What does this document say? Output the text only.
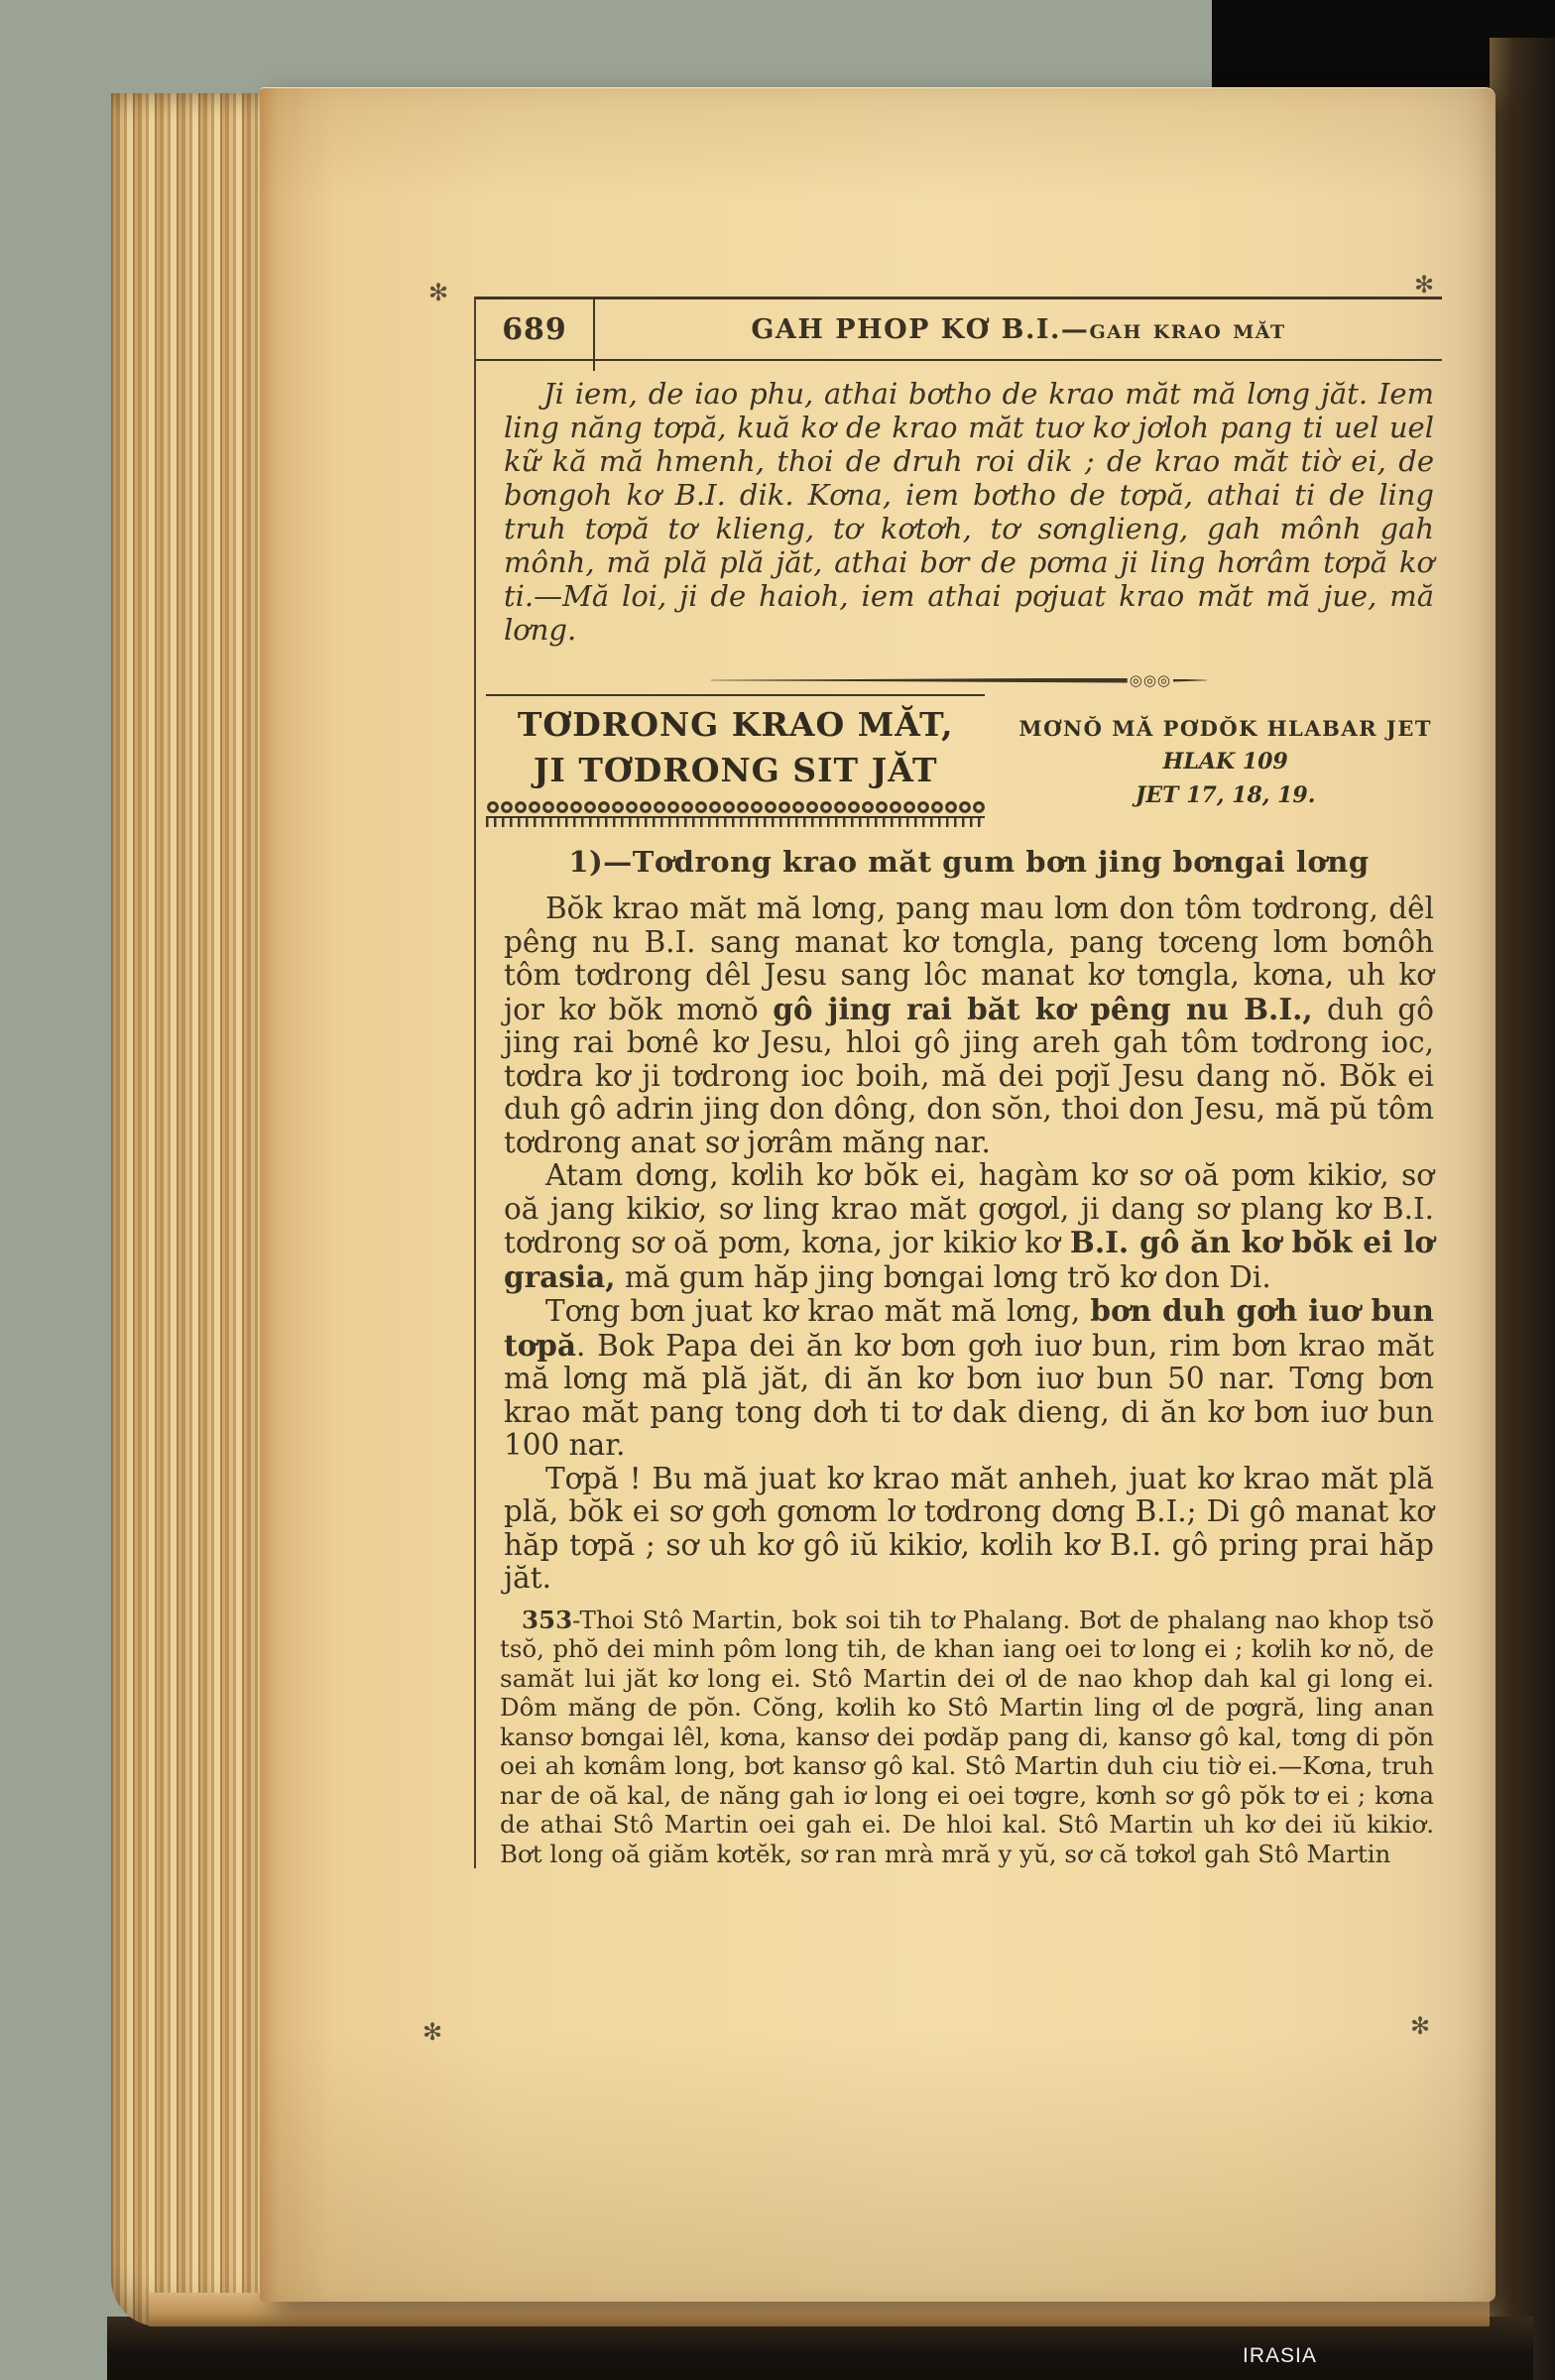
✻	✻
✻	✻
689	GAH PHOP KƠ B.I.—gah krao măt
Ji iem, de iao phu, athai bơtho de krao măt mă lơng jăt. Iem ling năng tơpă, kuă kơ de krao măt tuơ kơ jơloh pang ti uel uel kữ kă mă hmenh, thoi de druh roi dik ; de krao măt tiờ ei, de bơngoh kơ B.I. dik. Kơna, iem bơtho de tơpă, athai ti de ling truh tơpă tơ klieng, tơ kơtơh, tơ sơnglieng, gah mônh gah mônh, mă plă plă jăt, athai bơr de pơma ji ling hơrâm tơpă kơ ti.—Mă loi, ji de haioh, iem athai pơjuat krao măt mă jue, mă lơng.
◎◎◎
TƠDRONG KRAO MĂT,
JI TƠDRONG SIT JĂT
MƠNŎ MĂ PƠDŎK HLABAR JET
HLAK 109
JET 17, 18, 19.
1)—Tơdrong krao măt gum bơn jing bơngai lơng

Bŏk krao măt mă lơng, pang mau lơm don tôm tơdrong, dêl pêng nu B.I. sang manat kơ tơngla, pang tơceng lơm bơnôh tôm tơdrong dêl Jesu sang lôc manat kơ tơngla, kơna, uh kơ jor kơ bŏk mơnŏ gô jing rai băt kơ pêng nu B.I., duh gô jing rai bơnê kơ Jesu, hloi gô jing areh gah tôm tơdrong ioc, tơdra kơ ji tơdrong ioc boih, mă dei pơjĭ Jesu dang nŏ. Bŏk ei duh gô adrin jing don dông, don sŏn, thoi don Jesu, mă pŭ tôm tơdrong anat sơ jơrâm măng nar.

Atam dơng, kơlih kơ bŏk ei, hagàm kơ sơ oă pơm kikiơ, sơ oă jang kikiơ, sơ ling krao măt gơgơl, ji dang sơ plang kơ B.I. tơdrong sơ oă pơm, kơna, jor kikiơ kơ B.I. gô ăn kơ bŏk ei lơ grasia, mă gum hăp jing bơngai lơng trŏ kơ don Di.

Tơng bơn juat kơ krao măt mă lơng, bơn duh gơh iuơ bun tơpă. Bok Papa dei ăn kơ bơn gơh iuơ bun, rim bơn krao măt mă lơng mă plă jăt, di ăn kơ bơn iuơ bun 50 nar. Tơng bơn krao măt pang tong dơh ti tơ dak dieng, di ăn kơ bơn iuơ bun 100 nar.

Tơpă ! Bu mă juat kơ krao măt anheh, juat kơ krao măt plă plă, bŏk ei sơ gơh gơnơm lơ tơdrong dơng B.I.; Di gô manat kơ hăp tơpă ; sơ uh kơ gô iŭ kikiơ, kơlih kơ B.I. gô pring prai hăp jăt.

353-Thoi Stô Martin, bok soi tih tơ Phalang. Bơt de phalang nao khop tsŏ tsŏ, phŏ dei minh pôm long tih, de khan iang oei tơ long ei ; kơlih kơ nŏ, de samăt lui jăt kơ long ei. Stô Martin dei ơl de nao khop dah kal gi long ei. Dôm măng de pŏn. Cŏng, kơlih ko Stô Martin ling ơl de pơgră, ling anan kansơ bơngai lêl, kơna, kansơ dei pơdăp pang di, kansơ gô kal, tơng di pŏn oei ah kơnâm long, bơt kansơ gô kal. Stô Martin duh ciu tiờ ei.—Kơna, truh nar de oă kal, de năng gah iơ long ei oei tơgre, kơnh sơ gô pŏk tơ ei ; kơna de athai Stô Martin oei gah ei. De hloi kal. Stô Martin uh kơ dei iŭ kikiơ. Bơt long oă giăm kơtĕk, sơ ran mrà mră y yŭ, sơ că tơkơl gah Stô Martin

IRASIA
